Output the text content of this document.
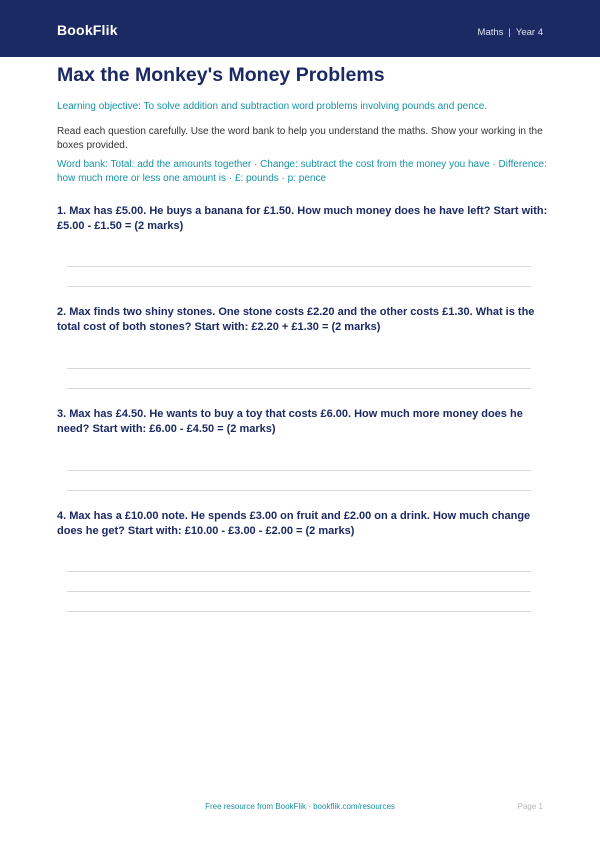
BookFlik	Maths | Year 4
Max the Monkey's Money Problems
Learning objective: To solve addition and subtraction word problems involving pounds and pence.
Read each question carefully. Use the word bank to help you understand the maths. Show your working in the boxes provided.
Word bank: Total: add the amounts together · Change: subtract the cost from the money you have · Difference: how much more or less one amount is · £: pounds · p: pence
1. Max has £5.00. He buys a banana for £1.50. How much money does he have left? Start with: £5.00 - £1.50 = (2 marks)
2. Max finds two shiny stones. One stone costs £2.20 and the other costs £1.30. What is the total cost of both stones? Start with: £2.20 + £1.30 = (2 marks)
3. Max has £4.50. He wants to buy a toy that costs £6.00. How much more money does he need? Start with: £6.00 - £4.50 = (2 marks)
4. Max has a £10.00 note. He spends £3.00 on fruit and £2.00 on a drink. How much change does he get? Start with: £10.00 - £3.00 - £2.00 = (2 marks)
Free resource from BookFlik · bookflik.com/resources	Page 1
